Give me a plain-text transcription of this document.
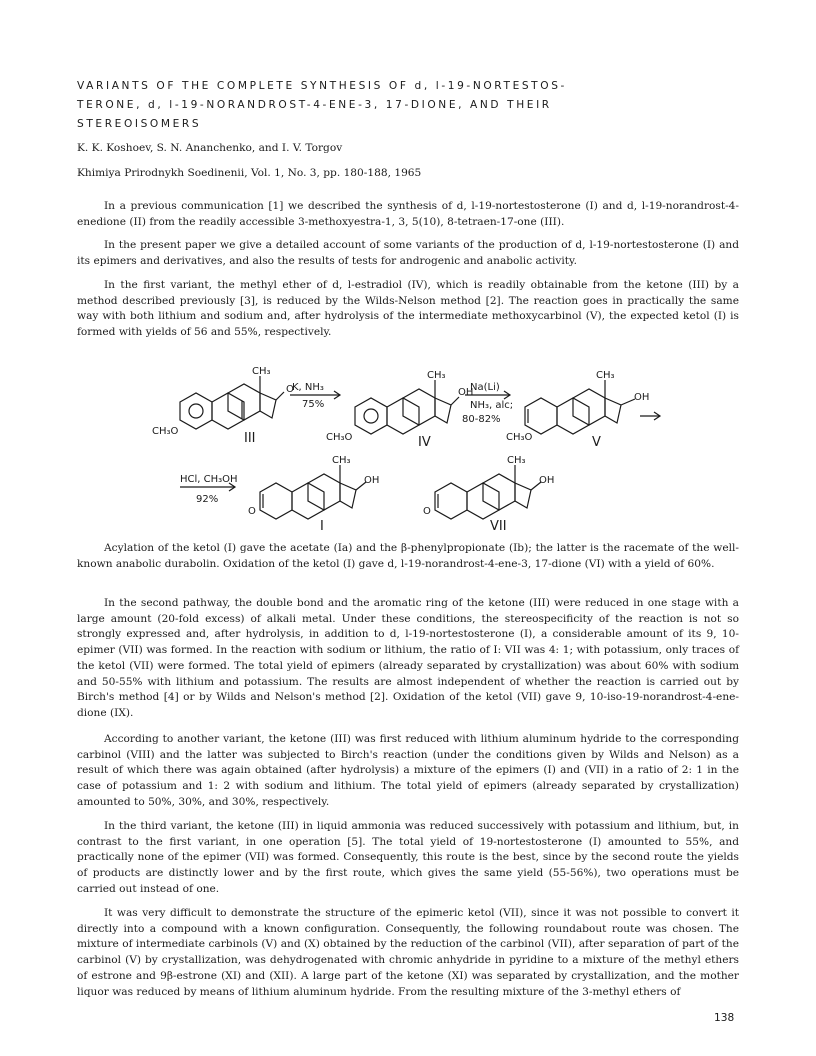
VARIANTS OF THE COMPLETE SYNTHESIS OF d, l-19-NORTESTOS-
TERONE, d, l-19-NORANDROST-4-ENE-3, 17-DIONE, AND THEIR
STEREOISOMERS
K. K. Koshoev, S. N. Ananchenko, and I. V. Torgov
Khimiya Prirodnykh Soedinenii, Vol. 1, No. 3, pp. 180-188, 1965

In a previous communication [1] we described the synthesis of d, l-19-nortestosterone (I) and d, l-19-norandrost-4-enedione (II) from the readily accessible 3-methoxyestra-1, 3, 5(10), 8-tetraen-17-one (III).

In the present paper we give a detailed account of some variants of the production of d, l-19-nortestosterone (I) and its epimers and derivatives, and also the results of tests for androgenic and anabolic activity.

In the first variant, the methyl ether of d, l-estradiol (IV), which is readily obtainable from the ketone (III) by a method described previously [3], is reduced by the Wilds-Nelson method [2]. The reaction goes in practically the same way with both lithium and sodium and, after hydrolysis of the intermediate methoxycarbinol (V), the expected ketol (I) is formed with yields of 56 and 55%, respectively.

CH₃
O
CH₃O	III
K, NH₃
75%
CH₃
OH
CH₃O	IV
Na(Li)
NH₃, alc;
80-82%
CH₃
OH
CH₃O	V
HCl, CH₃OH
92%
CH₃
OH
O
I
CH₃
OH
O
VII

Acylation of the ketol (I) gave the acetate (Ia) and the β-phenylpropionate (Ib); the latter is the racemate of the well-known anabolic durabolin. Oxidation of the ketol (I) gave d, l-19-norandrost-4-ene-3, 17-dione (VI) with a yield of 60%.

In the second pathway, the double bond and the aromatic ring of the ketone (III) were reduced in one stage with a large amount (20-fold excess) of alkali metal. Under these conditions, the stereospecificity of the reaction is not so strongly expressed and, after hydrolysis, in addition to d, l-19-nortestosterone (I), a considerable amount of its 9, 10-epimer (VII) was formed. In the reaction with sodium or lithium, the ratio of I: VII was 4: 1; with potassium, only traces of the ketol (VII) were formed. The total yield of epimers (already separated by crystallization) was about 60% with sodium and 50-55% with lithium and potassium. The results are almost independent of whether the reaction is carried out by Birch's method [4] or by Wilds and Nelson's method [2]. Oxidation of the ketol (VII) gave 9, 10-iso-19-norandrost-4-ene-dione (IX).

According to another variant, the ketone (III) was first reduced with lithium aluminum hydride to the corresponding carbinol (VIII) and the latter was subjected to Birch's reaction (under the conditions given by Wilds and Nelson) as a result of which there was again obtained (after hydrolysis) a mixture of the epimers (I) and (VII) in a ratio of 2: 1 in the case of potassium and 1: 2 with sodium and lithium. The total yield of epimers (already separated by crystallization) amounted to 50%, 30%, and 30%, respectively.

In the third variant, the ketone (III) in liquid ammonia was reduced successively with potassium and lithium, but, in contrast to the first variant, in one operation [5]. The total yield of 19-nortestosterone (I) amounted to 55%, and practically none of the epimer (VII) was formed. Consequently, this route is the best, since by the second route the yields of products are distinctly lower and by the first route, which gives the same yield (55-56%), two operations must be carried out instead of one.

It was very difficult to demonstrate the structure of the epimeric ketol (VII), since it was not possible to convert it directly into a compound with a known configuration. Consequently, the following roundabout route was chosen. The mixture of intermediate carbinols (V) and (X) obtained by the reduction of the carbinol (VII), after separation of part of the carbinol (V) by crystallization, was dehydrogenated with chromic anhydride in pyridine to a mixture of the methyl ethers of estrone and 9β-estrone (XI) and (XII). A large part of the ketone (XI) was separated by crystallization, and the mother liquor was reduced by means of lithium aluminum hydride. From the resulting mixture of the 3-methyl ethers of

138
